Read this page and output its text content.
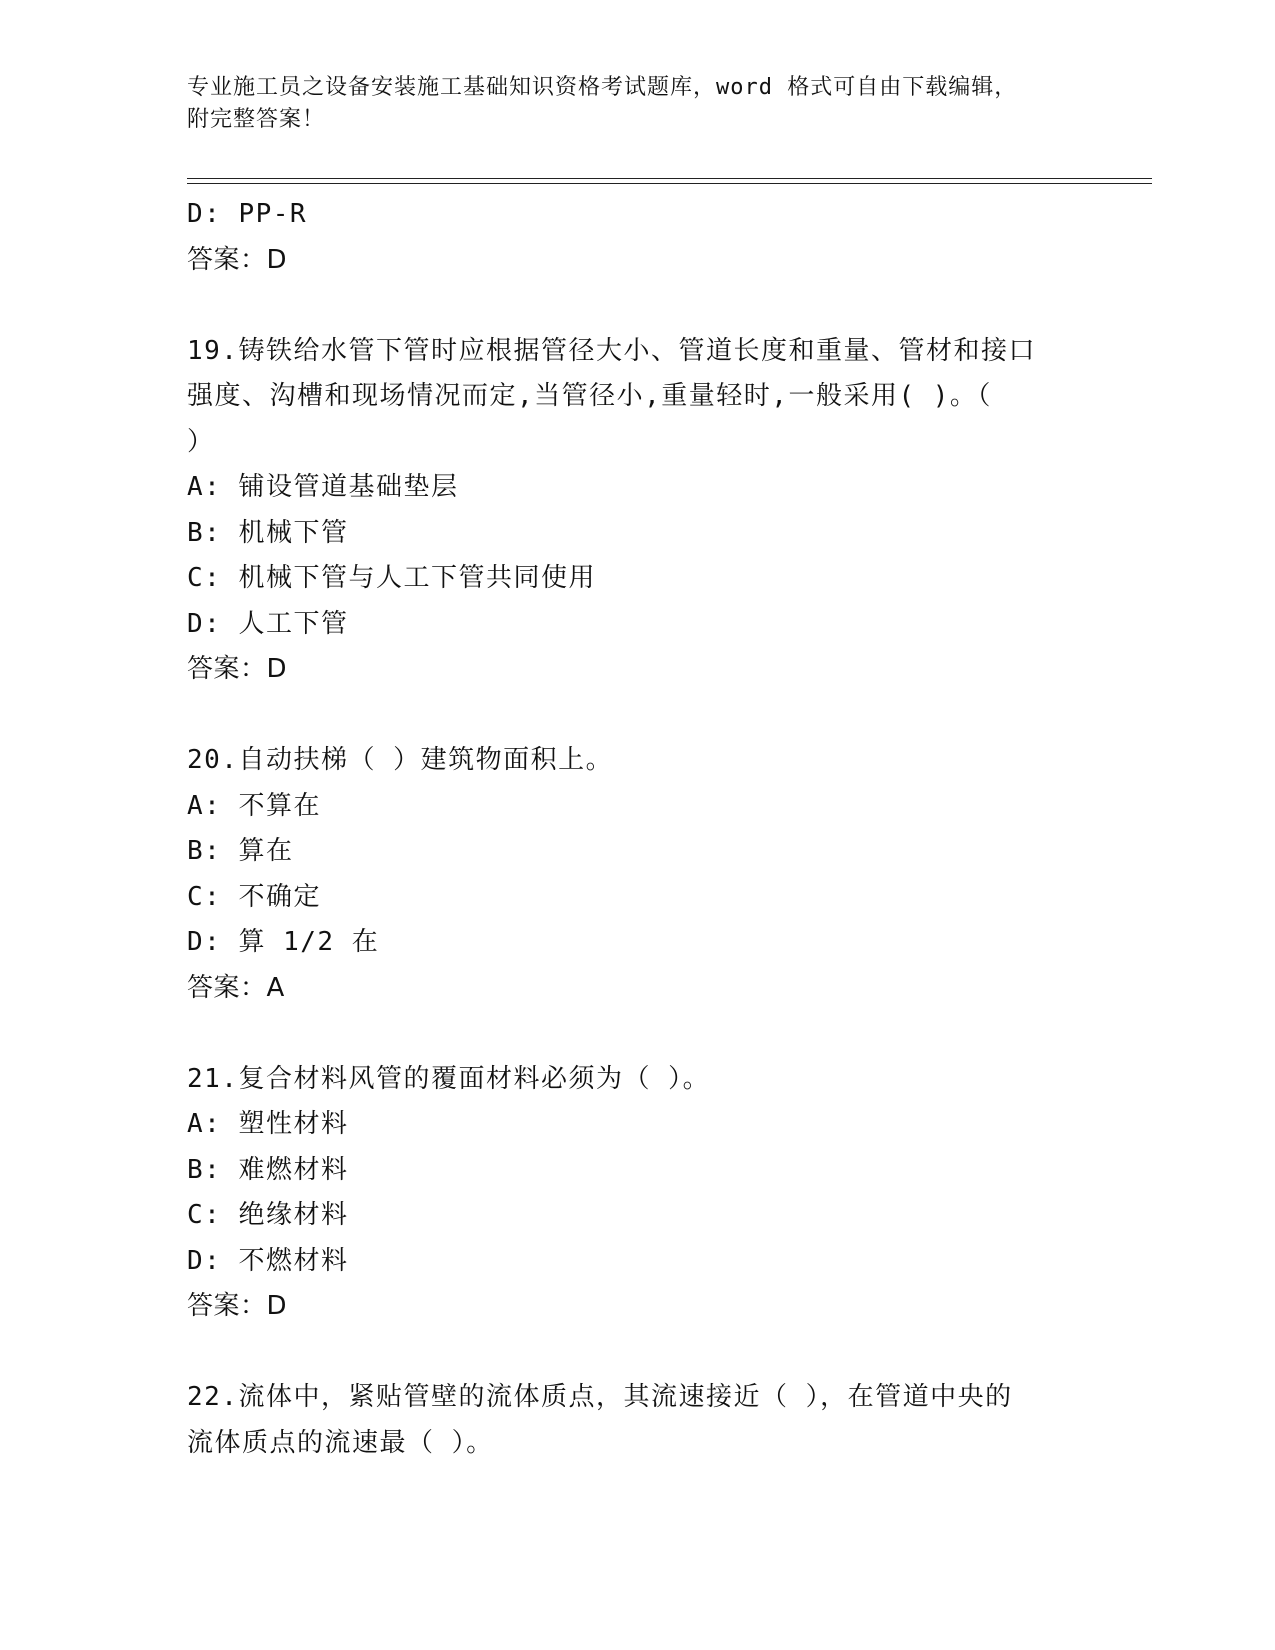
专业施工员之设备安装施工基础知识资格考试题库，word 格式可自由下载编辑，
附完整答案！
D: PP-R
答案：D
19.铸铁给水管下管时应根据管径大小、管道长度和重量、管材和接口
强度、沟槽和现场情况而定,当管径小,重量轻时,一般采用( )。（
）
A: 铺设管道基础垫层
B: 机械下管
C: 机械下管与人工下管共同使用
D: 人工下管
答案：D
20.自动扶梯（ ）建筑物面积上。
A: 不算在
B: 算在
C: 不确定
D: 算 1/2 在
答案：A
21.复合材料风管的覆面材料必须为（ ）。
A: 塑性材料
B: 难燃材料
C: 绝缘材料
D: 不燃材料
答案：D
22.流体中，紧贴管壁的流体质点，其流速接近（ ），在管道中央的
流体质点的流速最（ ）。
